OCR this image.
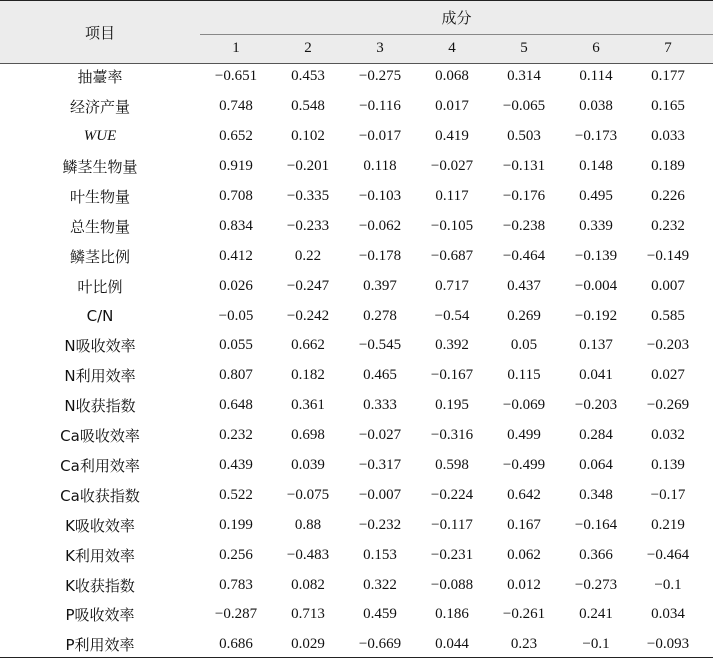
项目
成分
1	2	3	4	5	6	7
抽薹率	−0.651	0.453	−0.275	0.068	0.314	0.114	0.177
经济产量	0.748	0.548	−0.116	0.017	−0.065	0.038	0.165
WUE	0.652	0.102	−0.017	0.419	0.503	−0.173	0.033
鳞茎生物量	0.919	−0.201	0.118	−0.027	−0.131	0.148	0.189
叶生物量	0.708	−0.335	−0.103	0.117	−0.176	0.495	0.226
总生物量	0.834	−0.233	−0.062	−0.105	−0.238	0.339	0.232
鳞茎比例	0.412	0.22	−0.178	−0.687	−0.464	−0.139	−0.149
叶比例	0.026	−0.247	0.397	0.717	0.437	−0.004	0.007
C/N	−0.05	−0.242	0.278	−0.54	0.269	−0.192	0.585
N吸收效率	0.055	0.662	−0.545	0.392	0.05	0.137	−0.203
N利用效率	0.807	0.182	0.465	−0.167	0.115	0.041	0.027
N收获指数	0.648	0.361	0.333	0.195	−0.069	−0.203	−0.269
Ca吸收效率	0.232	0.698	−0.027	−0.316	0.499	0.284	0.032
Ca利用效率	0.439	0.039	−0.317	0.598	−0.499	0.064	0.139
Ca收获指数	0.522	−0.075	−0.007	−0.224	0.642	0.348	−0.17
K吸收效率	0.199	0.88	−0.232	−0.117	0.167	−0.164	0.219
K利用效率	0.256	−0.483	0.153	−0.231	0.062	0.366	−0.464
K收获指数	0.783	0.082	0.322	−0.088	0.012	−0.273	−0.1
P吸收效率	−0.287	0.713	0.459	0.186	−0.261	0.241	0.034
P利用效率	0.686	0.029	−0.669	0.044	0.23	−0.1	−0.093
